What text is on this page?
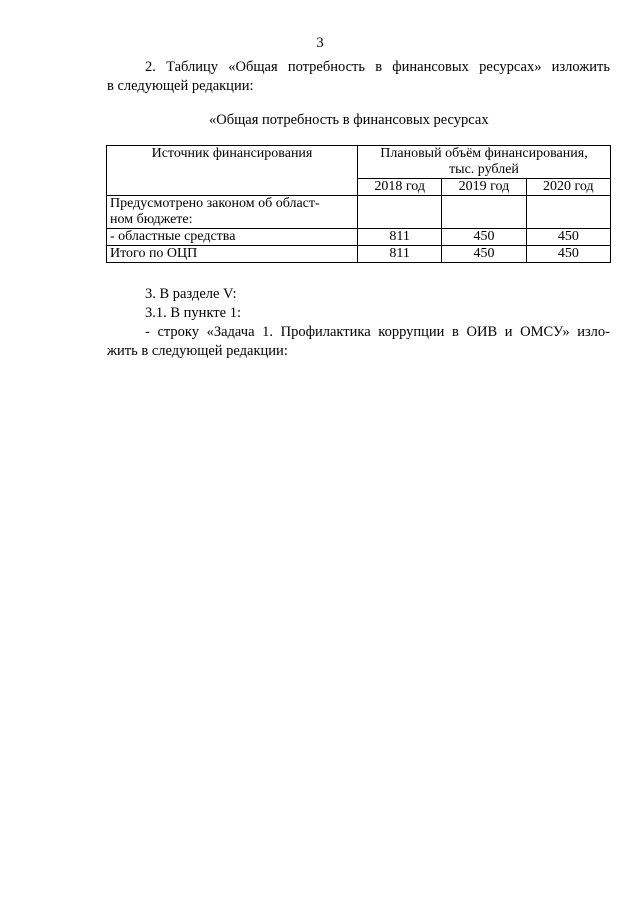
3
2. Таблицу «Общая потребность в финансовых ресурсах» изложить
в следующей редакции:
«Общая потребность в финансовых ресурсах
Источник финансирования	Плановый объём финансирования,
тыс. рублей		

	2018 год	2019 год	2020 год

Предусмотрено законом об област-
ном бюджете:			

- областные средства	811	450	450
Итого по ОЦП	811	450	450
3. В разделе V:
3.1. В пункте 1:
- строку «Задача 1. Профилактика коррупции в ОИВ и ОМСУ» изло-
жить в следующей редакции:
